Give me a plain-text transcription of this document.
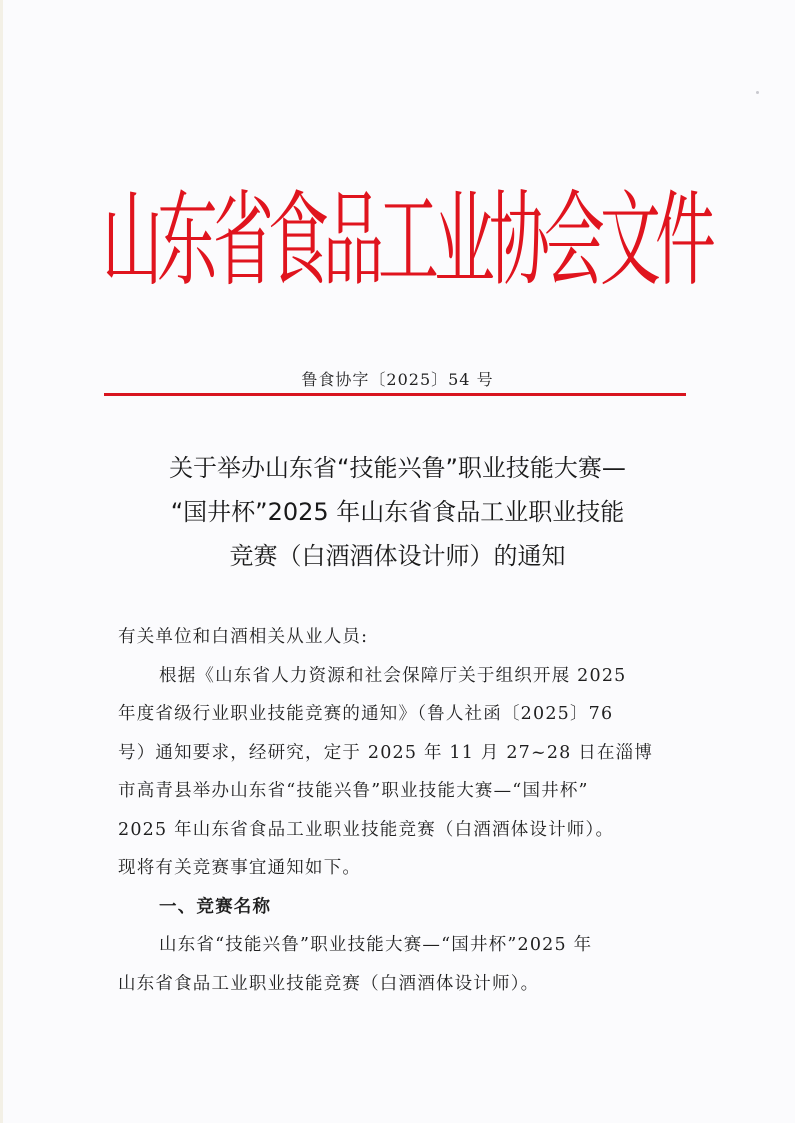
山
东
省
食
品
工
业
协
会
文
件
鲁食协字〔2025〕54 号
关于举办山东省“技能兴鲁”职业技能大赛—
“国井杯”2025 年山东省食品工业职业技能
竞赛（白酒酒体设计师）的通知

有关单位和白酒相关从业人员:

根据《山东省人力资源和社会保障厅关于组织开展 2025

年度省级行业职业技能竞赛的通知》（鲁人社函〔2025〕76

号）通知要求，经研究，定于 2025 年 11 月 27~28 日在淄博

市高青县举办山东省“技能兴鲁”职业技能大赛—“国井杯”

2025 年山东省食品工业职业技能竞赛（白酒酒体设计师）。

现将有关竞赛事宜通知如下。

一、竞赛名称

山东省“技能兴鲁”职业技能大赛—“国井杯”2025 年

山东省食品工业职业技能竞赛（白酒酒体设计师）。
